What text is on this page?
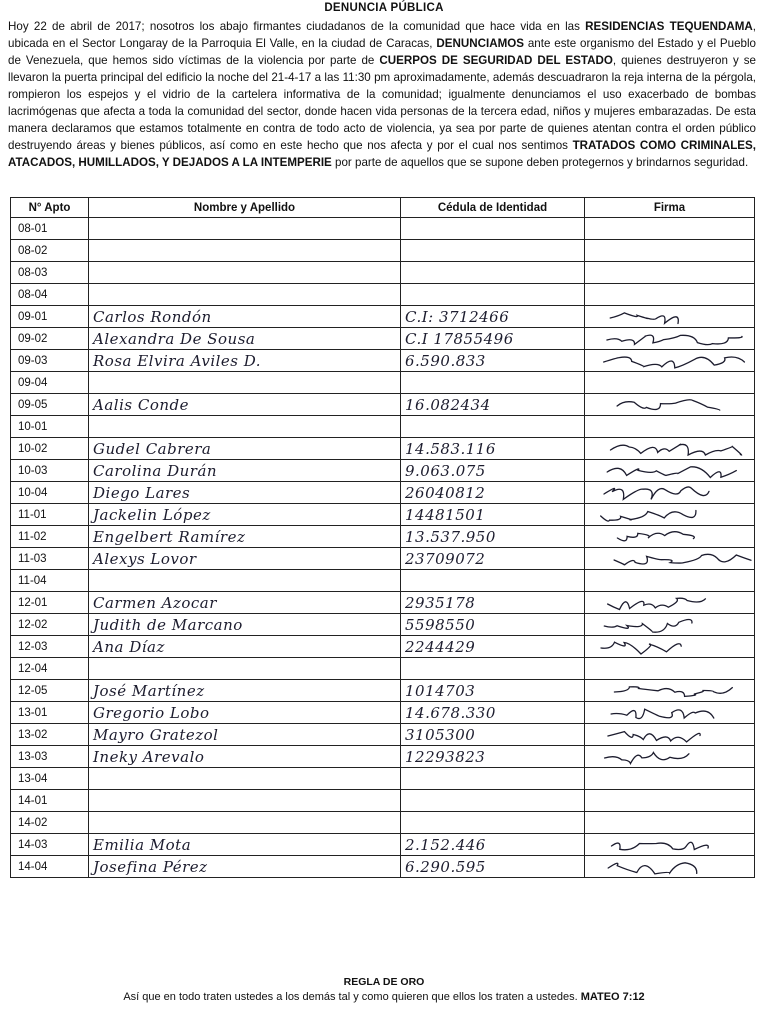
DENUNCIA PÚBLICA
Hoy 22 de abril de 2017; nosotros los abajo firmantes ciudadanos de la comunidad que hace vida en las RESIDENCIAS TEQUENDAMA, ubicada en el Sector Longaray de la Parroquia El Valle, en la ciudad de Caracas, DENUNCIAMOS ante este organismo del Estado y el Pueblo de Venezuela, que hemos sido víctimas de la violencia por parte de CUERPOS DE SEGURIDAD DEL ESTADO, quienes destruyeron y se llevaron la puerta principal del edificio la noche del 21-4-17 a las 11:30 pm aproximadamente, además descuadraron la reja interna de la pérgola, rompieron los espejos y el vidrio de la cartelera informativa de la comunidad; igualmente denunciamos el uso exacerbado de bombas lacrimógenas que afecta a toda la comunidad del sector, donde hacen vida personas de la tercera edad, niños y mujeres embarazadas. De esta manera declaramos que estamos totalmente en contra de todo acto de violencia, ya sea por parte de quienes atentan contra el orden público destruyendo áreas y bienes públicos, así como en este hecho que nos afecta y por el cual nos sentimos TRATADOS COMO CRIMINALES, ATACADOS, HUMILLADOS, Y DEJADOS A LA INTEMPERIE por parte de aquellos que se supone deben protegernos y brindarnos seguridad.
N° Apto	Nombre y Apellido	Cédula de Identidad	Firma
08-01			
08-02			
08-03			
08-04			
09-01	Carlos Rondón	C.I: 3712466	

09-02	Alexandra De Sousa	C.I 17855496	

09-03	Rosa Elvira Aviles D.	6.590.833	

09-04			
09-05	Aalis Conde	16.082434	

10-01			
10-02	Gudel Cabrera	14.583.116	

10-03	Carolina Durán	9.063.075	

10-04	Diego Lares	26040812	

11-01	Jackelin López	14481501	

11-02	Engelbert Ramírez	13.537.950	

11-03	Alexys Lovor	23709072	

11-04			
12-01	Carmen Azocar	2935178	

12-02	Judith de Marcano	5598550	

12-03	Ana Díaz	2244429	

12-04			
12-05	José Martínez	1014703	

13-01	Gregorio Lobo	14.678.330	

13-02	Mayro Gratezol	3105300	

13-03	Ineky Arevalo	12293823	

13-04			
14-01			
14-02			
14-03	Emilia Mota	2.152.446	

14-04	Josefina Pérez	6.290.595	
REGLA DE ORO
Así que en todo traten ustedes a los demás tal y como quieren que ellos los traten a ustedes. MATEO 7:12
